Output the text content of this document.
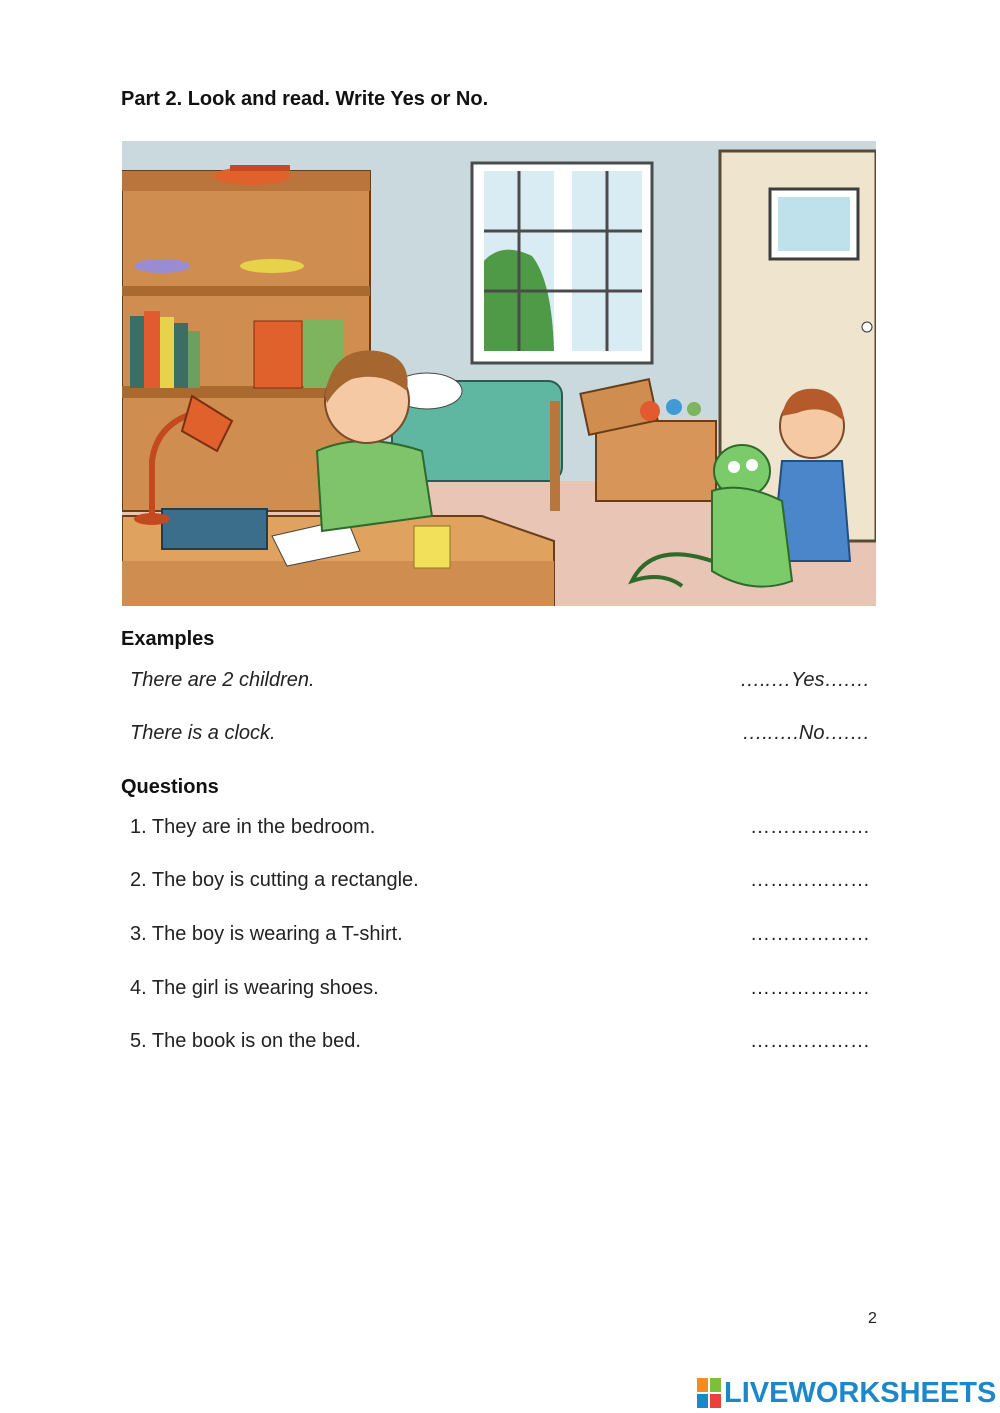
Part 2. Look and read. Write Yes or No.
Examples
There are 2 children.	…..…Yes….…
There is a clock.	…..….No….…
Questions
1. They are in the bedroom.	………………
2. The boy is cutting a rectangle.	………………
3. The boy is wearing a T-shirt.	………………
4. The girl is wearing shoes.	………………
5. The book is on the bed.	………………
2
LIVEWORKSHEETS
